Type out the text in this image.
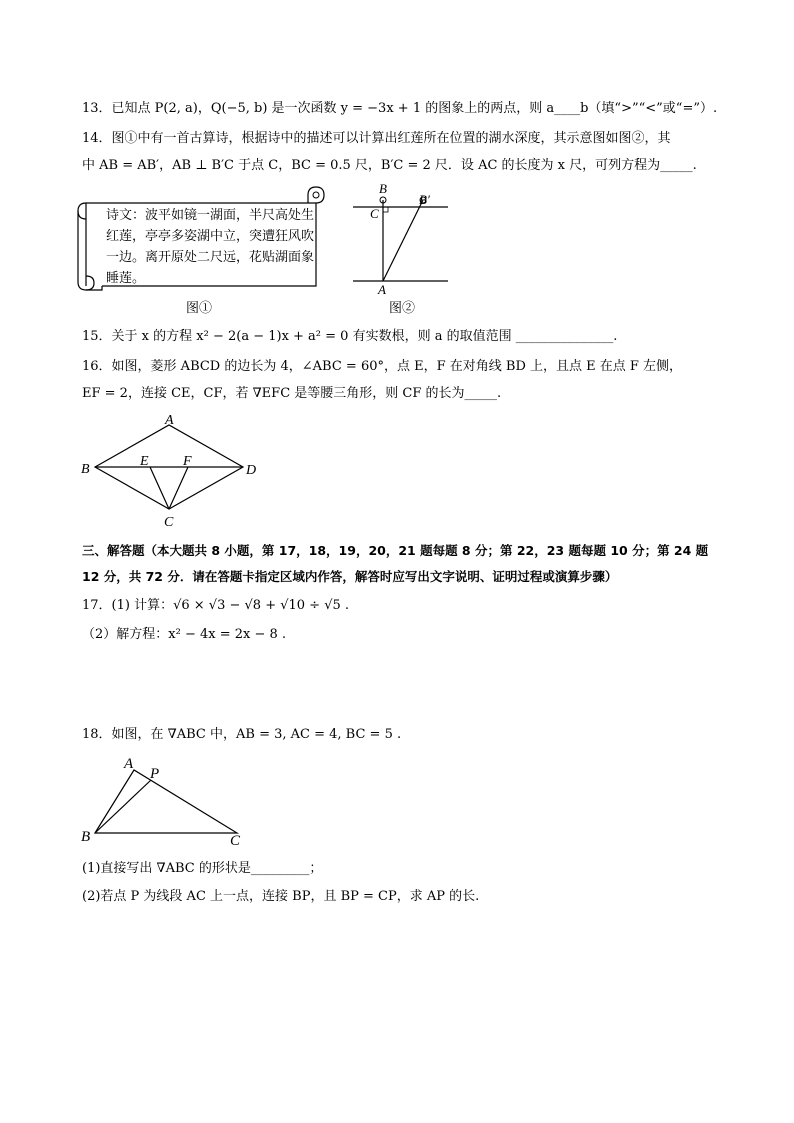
13．已知点 P(2, a)，Q(−5, b) 是一次函数 y = −3x + 1 的图象上的两点，则 a____b（填“>”“<”或“=”）.
14．图①中有一首古算诗，根据诗中的描述可以计算出红莲所在位置的湖水深度，其示意图如图②，其
中 AB = AB′，AB ⊥ B′C 于点 C，BC = 0.5 尺，B′C = 2 尺．设 AC 的长度为 x 尺，可列方程为_____.
诗文：波平如镜一湖面，半尺高处生红莲，亭亭多姿湖中立，突遭狂风吹一边。离开原处二尺远，花贴湖面象睡莲。
图①
B
B′
C
A
图②
15．关于 x 的方程 x² − 2(a − 1)x + a² = 0 有实数根，则 a 的取值范围 _______________.
16．如图，菱形 ABCD 的边长为 4，∠ABC = 60°，点 E，F 在对角线 BD 上，且点 E 在点 F 左侧，
EF = 2，连接 CE，CF，若 ∇EFC 是等腰三角形，则 CF 的长为_____.
A
B	D
E F
C
三、解答题（本大题共 8 小题，第 17，18，19，20，21 题每题 8 分；第 22，23 题每题 10 分；第 24 题
12 分，共 72 分．请在答题卡指定区域内作答，解答时应写出文字说明、证明过程或演算步骤）
17．(1) 计算：√6 × √3 − √8 + √10 ÷ √5 .
（2）解方程：x² − 4x = 2x − 8 .
18．如图，在 ∇ABC 中，AB = 3, AC = 4, BC = 5 .
A
P
B	C
(1)直接写出 ∇ABC 的形状是_________；
(2)若点 P 为线段 AC 上一点，连接 BP，且 BP = CP，求 AP 的长.
